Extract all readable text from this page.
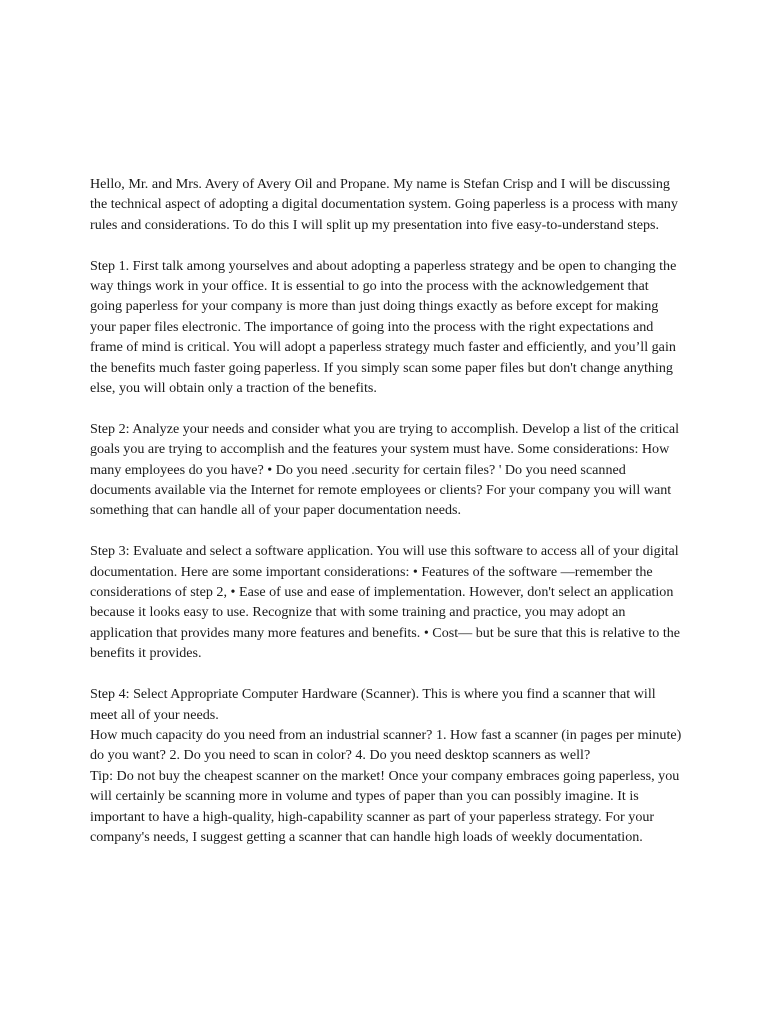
Hello, Mr. and Mrs. Avery of Avery Oil and Propane. My name is Stefan Crisp and I will be discussing the technical aspect of adopting a digital documentation system. Going paperless is a process with many rules and considerations. To do this I will split up my presentation into five easy-to-understand steps.

Step 1. First talk among yourselves and about adopting a paperless strategy and be open to changing the way things work in your office. It is essential to go into the process with the acknowledgement that going paperless for your company is more than just doing things exactly as before except for making your paper files electronic. The importance of going into the process with the right expectations and frame of mind is critical. You will adopt a paperless strategy much faster and efficiently, and you’ll gain the benefits much faster going paperless. If you simply scan some paper files but don't change anything else, you will obtain only a traction of the benefits.

Step 2: Analyze your needs and consider what you are trying to accomplish. Develop a list of the critical goals you are trying to accomplish and the features your system must have. Some considerations: How many employees do you have? • Do you need .security for certain files? ' Do you need scanned documents available via the Internet for remote employees or clients? For your company you will want something that can handle all of your paper documentation needs.

Step 3: Evaluate and select a software application. You will use this software to access all of your digital documentation. Here are some important considerations: • Features of the software —remember the considerations of step 2, • Ease of use and ease of implementation. However, don't select an application because it looks easy to use. Recognize that with some training and practice, you may adopt an application that provides many more features and benefits. • Cost— but be sure that this is relative to the benefits it provides.

Step 4: Select Appropriate Computer Hardware (Scanner). This is where you find a scanner that will meet all of your needs.
How much capacity do you need from an industrial scanner? 1. How fast a scanner (in pages per minute) do you want? 2. Do you need to scan in color? 4. Do you need desktop scanners as well?
Tip: Do not buy the cheapest scanner on the market! Once your company embraces going paperless, you will certainly be scanning more in volume and types of paper than you can possibly imagine. It is important to have a high-quality, high-capability scanner as part of your paperless strategy. For your company's needs, I suggest getting a scanner that can handle high loads of weekly documentation.
